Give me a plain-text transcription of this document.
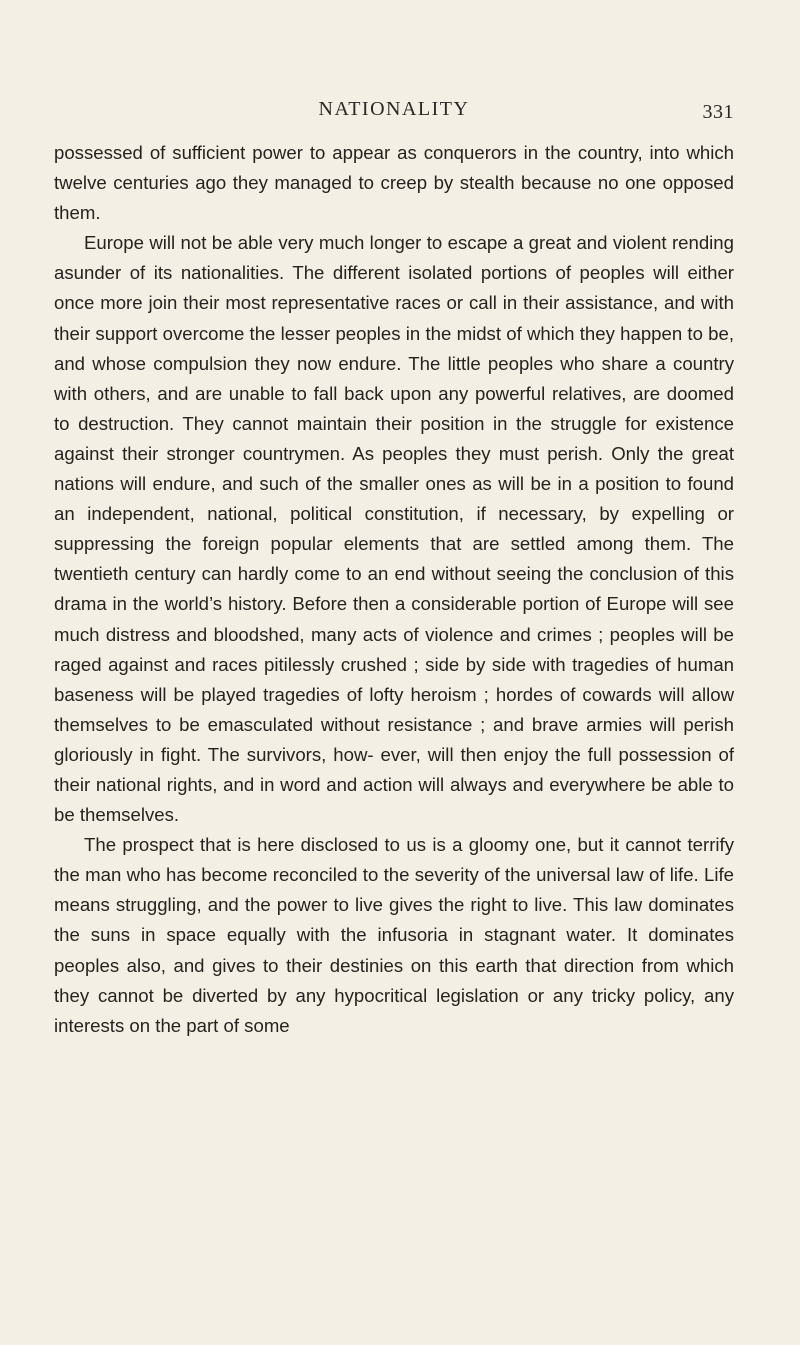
NATIONALITY	331

possessed of sufficient power to appear as conquerors in the country, into which twelve centuries ago they managed to creep by stealth because no one opposed them.

Europe will not be able very much longer to escape a great and violent rending asunder of its nationalities. The different isolated portions of peoples will either once more join their most representative races or call in their assistance, and with their support overcome the lesser peoples in the midst of which they happen to be, and whose compulsion they now endure. The little peoples who share a country with others, and are unable to fall back upon any powerful relatives, are doomed to destruction. They cannot maintain their position in the struggle for existence against their stronger countrymen. As peoples they must perish. Only the great nations will endure, and such of the smaller ones as will be in a position to found an independent, national, political constitution, if necessary, by expelling or suppressing the foreign popular elements that are settled among them. The twentieth century can hardly come to an end without seeing the conclusion of this drama in the world’s history. Before then a considerable portion of Europe will see much distress and bloodshed, many acts of violence and crimes ; peoples will be raged against and races pitilessly crushed ; side by side with tragedies of human baseness will be played tragedies of lofty heroism ; hordes of cowards will allow themselves to be emasculated without resistance ; and brave armies will perish gloriously in fight. The survivors, how- ever, will then enjoy the full possession of their national rights, and in word and action will always and everywhere be able to be themselves.

The prospect that is here disclosed to us is a gloomy one, but it cannot terrify the man who has become reconciled to the severity of the universal law of life. Life means struggling, and the power to live gives the right to live. This law dominates the suns in space equally with the infusoria in stagnant water. It dominates peoples also, and gives to their destinies on this earth that direction from which they cannot be diverted by any hypocritical legislation or any tricky policy, any interests on the part of some
